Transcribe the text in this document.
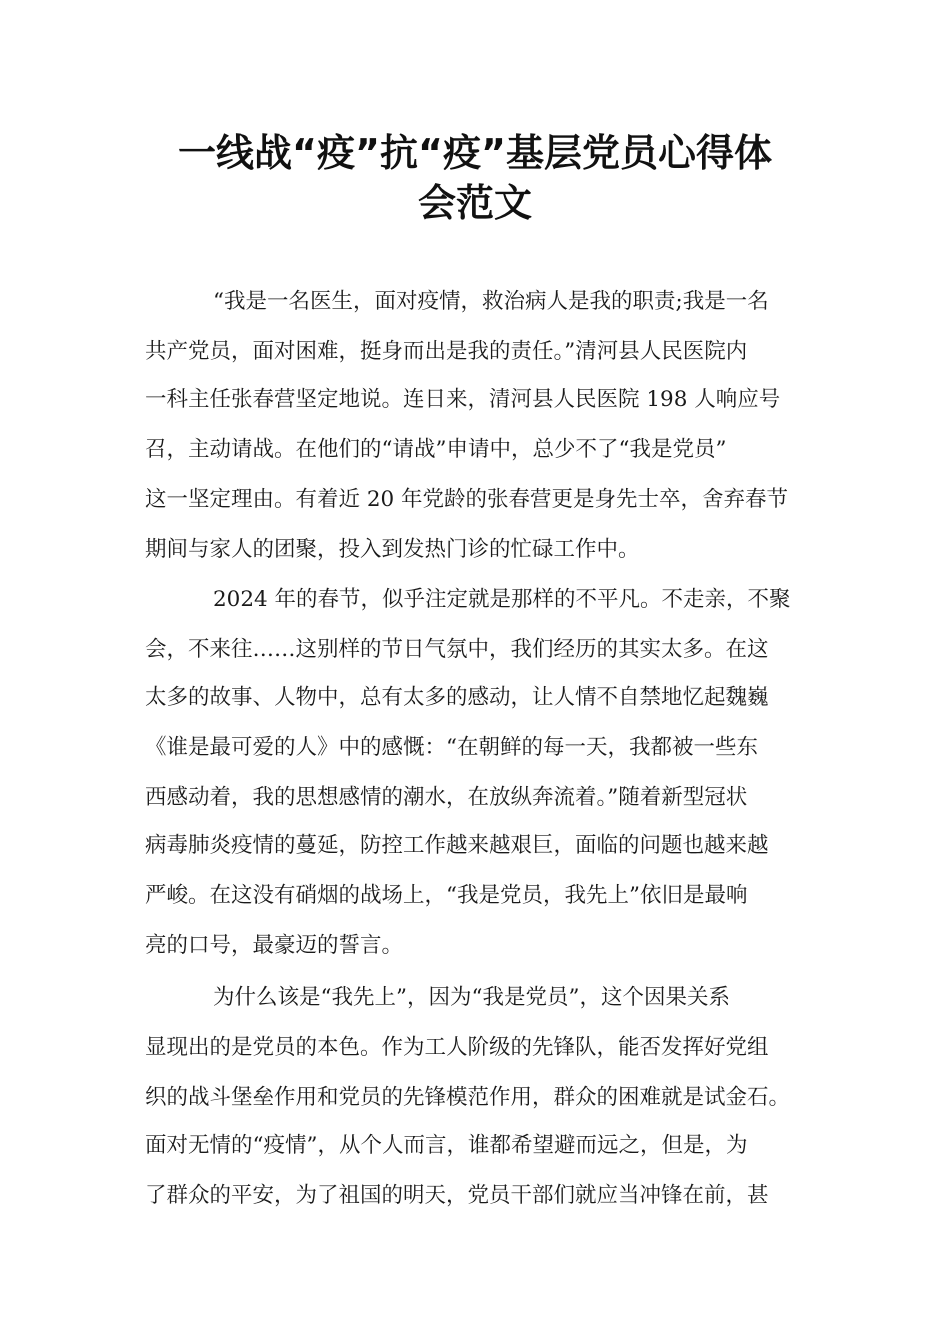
一线战“疫”抗“疫”基层党员心得体
会范文

“我是一名医生，面对疫情，救治病人是我的职责;我是一名

共产党员，面对困难，挺身而出是我的责任。”清河县人民医院内

一科主任张春营坚定地说。连日来，清河县人民医院 198 人响应号

召，主动请战。在他们的“请战”申请中，总少不了“我是党员”

这一坚定理由。有着近 20 年党龄的张春营更是身先士卒，舍弃春节

期间与家人的团聚，投入到发热门诊的忙碌工作中。

2024 年的春节，似乎注定就是那样的不平凡。不走亲，不聚

会，不来往……这别样的节日气氛中，我们经历的其实太多。在这

太多的故事、人物中，总有太多的感动，让人情不自禁地忆起魏巍

《谁是最可爱的人》中的感慨：“在朝鲜的每一天，我都被一些东

西感动着，我的思想感情的潮水，在放纵奔流着。”随着新型冠状

病毒肺炎疫情的蔓延，防控工作越来越艰巨，面临的问题也越来越

严峻。在这没有硝烟的战场上，“我是党员，我先上”依旧是最响

亮的口号，最豪迈的誓言。

为什么该是“我先上”，因为“我是党员”，这个因果关系

显现出的是党员的本色。作为工人阶级的先锋队，能否发挥好党组

织的战斗堡垒作用和党员的先锋模范作用，群众的困难就是试金石。

面对无情的“疫情”，从个人而言，谁都希望避而远之，但是，为

了群众的平安，为了祖国的明天，党员干部们就应当冲锋在前，甚
